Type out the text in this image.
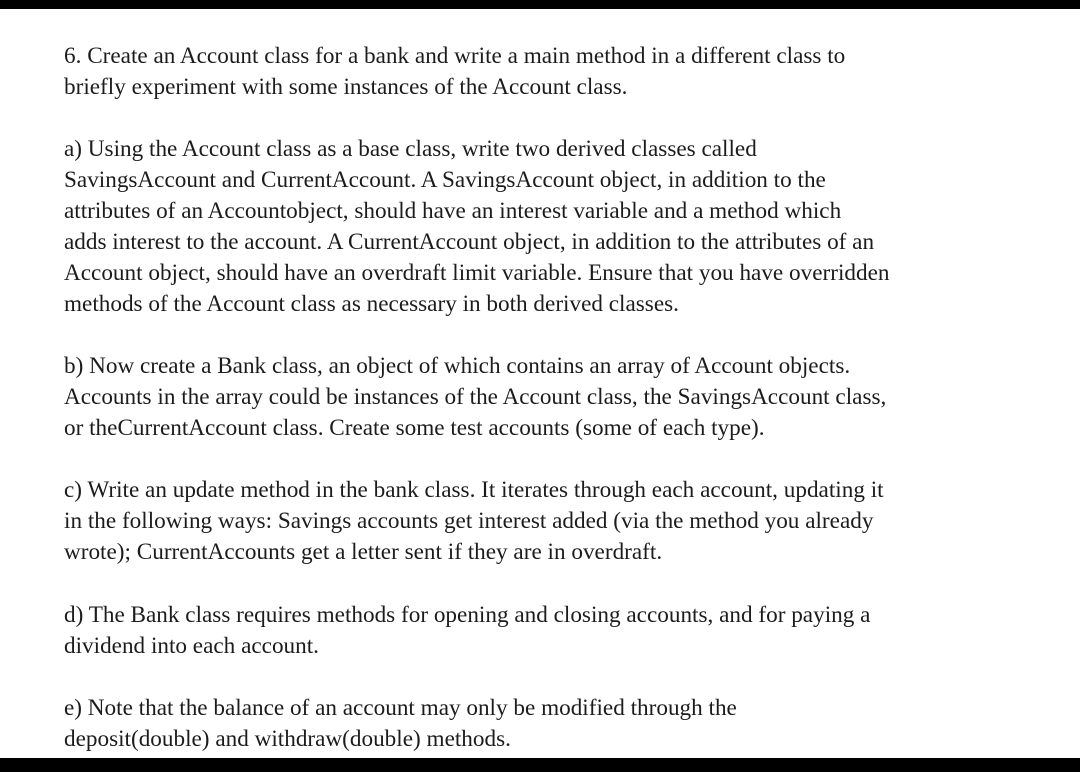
6. Create an Account class for a bank and write a main method in a different class to
briefly experiment with some instances of the Account class.

a) Using the Account class as a base class, write two derived classes called
SavingsAccount and CurrentAccount. A SavingsAccount object, in addition to the
attributes of an Accountobject, should have an interest variable and a method which
adds interest to the account. A CurrentAccount object, in addition to the attributes of an
Account object, should have an overdraft limit variable. Ensure that you have overridden
methods of the Account class as necessary in both derived classes.

b) Now create a Bank class, an object of which contains an array of Account objects.
Accounts in the array could be instances of the Account class, the SavingsAccount class,
or theCurrentAccount class. Create some test accounts (some of each type).

c) Write an update method in the bank class. It iterates through each account, updating it
in the following ways: Savings accounts get interest added (via the method you already
wrote); CurrentAccounts get a letter sent if they are in overdraft.

d) The Bank class requires methods for opening and closing accounts, and for paying a
dividend into each account.

e) Note that the balance of an account may only be modified through the
deposit(double) and withdraw(double) methods.
